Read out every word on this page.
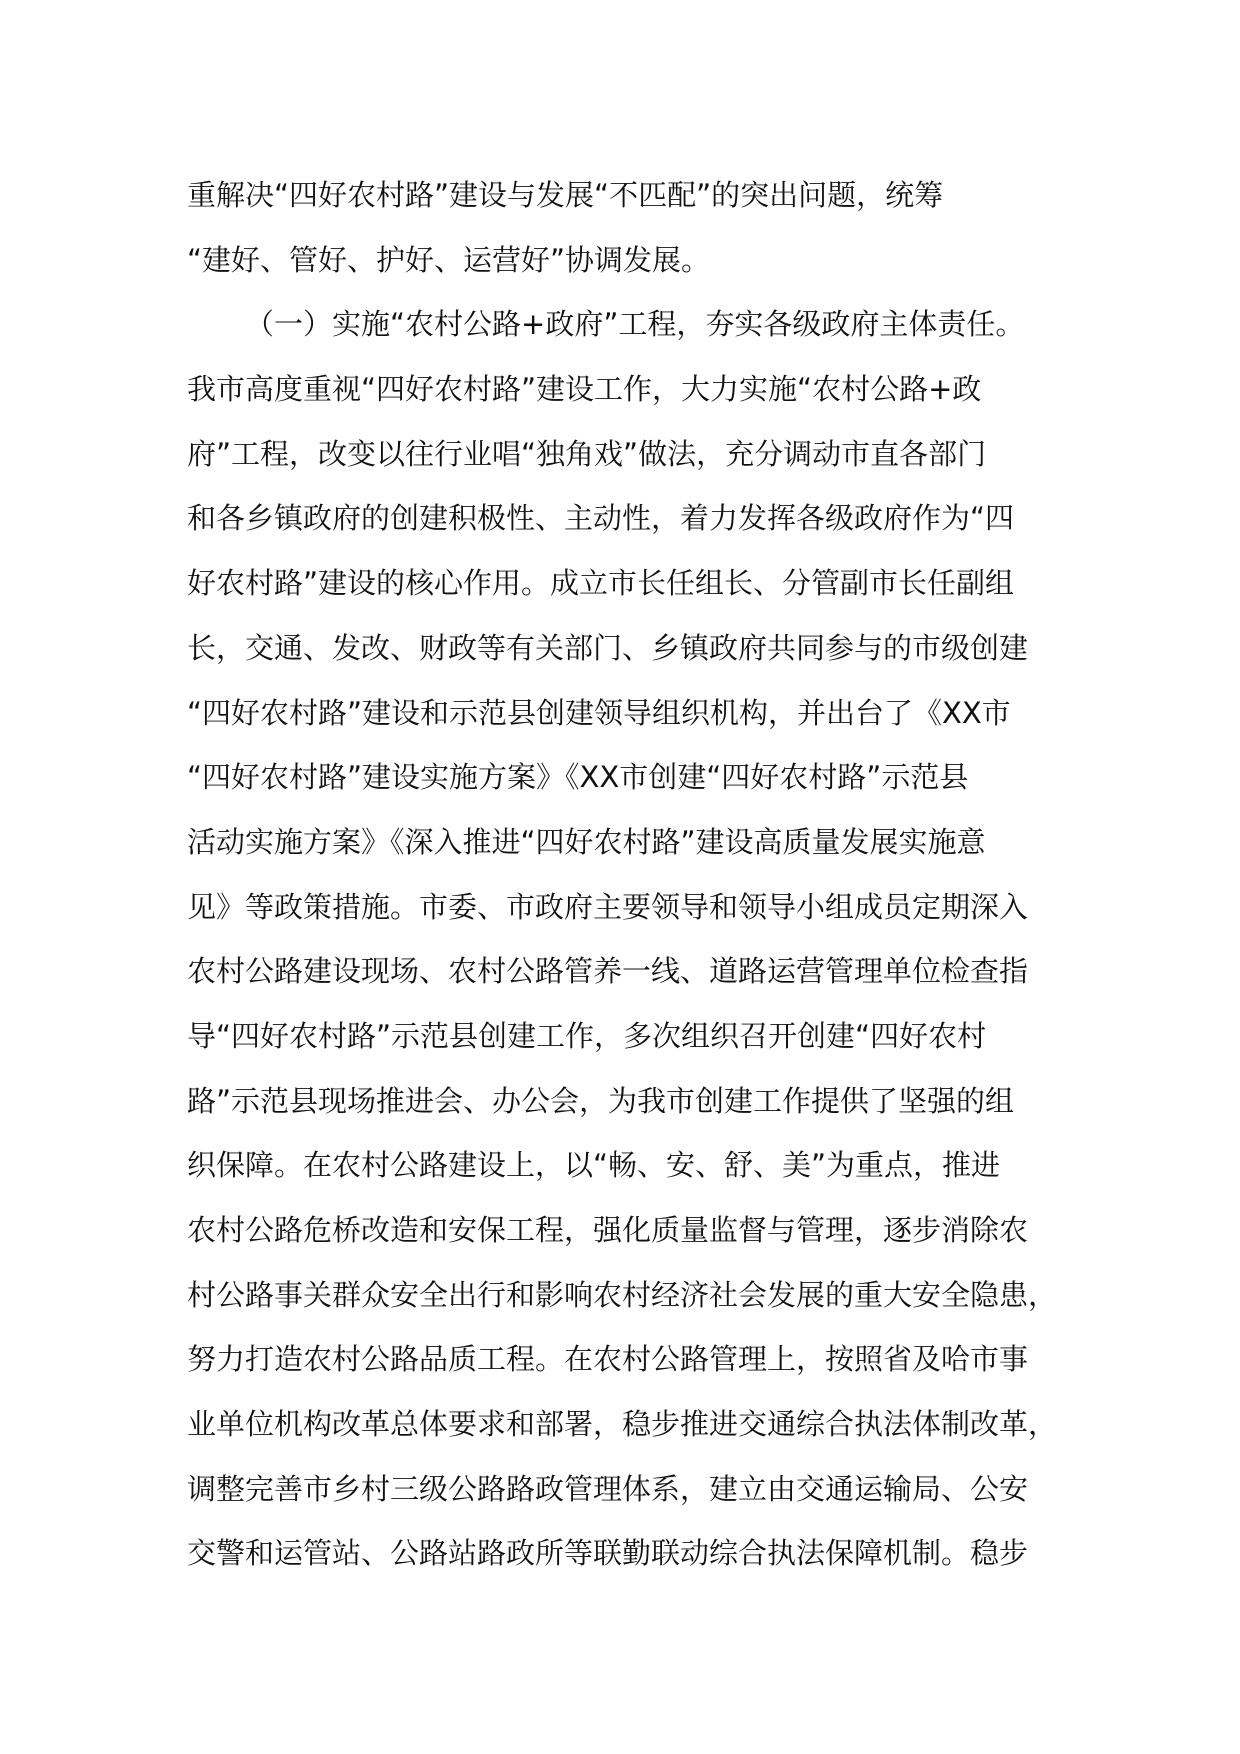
重解决“四好农村路”建设与发展“不匹配”的突出问题，统筹
“建好、管好、护好、运营好”协调发展。
（一）实施“农村公路+政府”工程，夯实各级政府主体责任。
我市高度重视“四好农村路”建设工作，大力实施“农村公路+政
府”工程，改变以往行业唱“独角戏”做法，充分调动市直各部门
和各乡镇政府的创建积极性、主动性，着力发挥各级政府作为“四
好农村路”建设的核心作用。成立市长任组长、分管副市长任副组
长，交通、发改、财政等有关部门、乡镇政府共同参与的市级创建
“四好农村路”建设和示范县创建领导组织机构，并出台了《XX市
“四好农村路”建设实施方案》《XX市创建“四好农村路”示范县
活动实施方案》《深入推进“四好农村路”建设高质量发展实施意
见》等政策措施。市委、市政府主要领导和领导小组成员定期深入
农村公路建设现场、农村公路管养一线、道路运营管理单位检查指
导“四好农村路”示范县创建工作，多次组织召开创建“四好农村
路”示范县现场推进会、办公会，为我市创建工作提供了坚强的组
织保障。在农村公路建设上，以“畅、安、舒、美”为重点，推进
农村公路危桥改造和安保工程，强化质量监督与管理，逐步消除农
村公路事关群众安全出行和影响农村经济社会发展的重大安全隐患，
努力打造农村公路品质工程。在农村公路管理上，按照省及哈市事
业单位机构改革总体要求和部署，稳步推进交通综合执法体制改革，
调整完善市乡村三级公路路政管理体系，建立由交通运输局、公安
交警和运管站、公路站路政所等联勤联动综合执法保障机制。稳步
